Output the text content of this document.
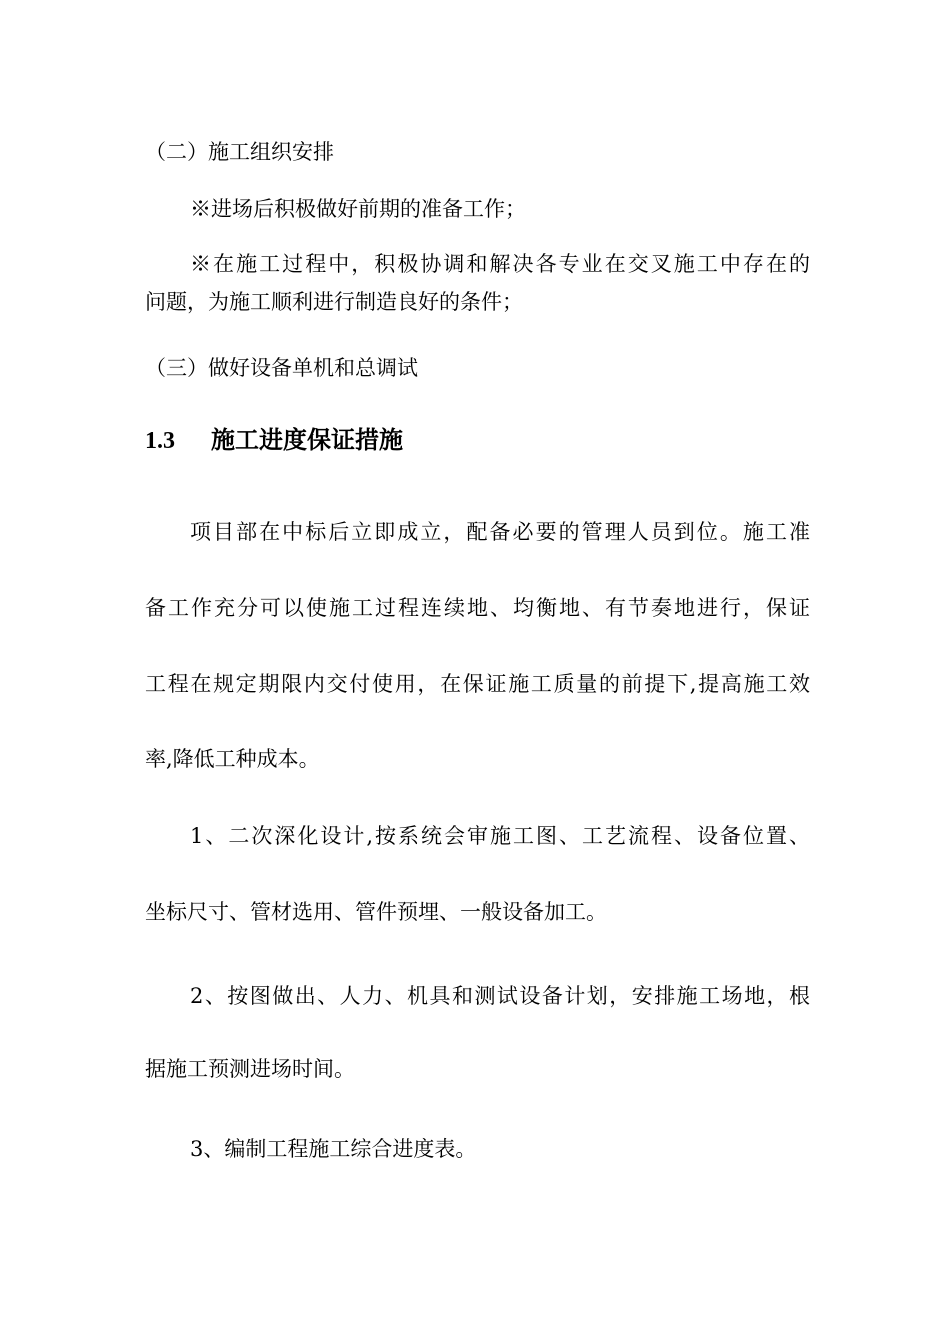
（二）施工组织安排
※进场后积极做好前期的准备工作；
※在施工过程中，积极协调和解决各专业在交叉施工中存在的
问题，为施工顺利进行制造良好的条件；
（三）做好设备单机和总调试
1.3 施工进度保证措施
项目部在中标后立即成立，配备必要的管理人员到位。施工准
备工作充分可以使施工过程连续地、均衡地、有节奏地进行，保证
工程在规定期限内交付使用，在保证施工质量的前提下,提高施工效
率,降低工种成本。
1、二次深化设计,按系统会审施工图、工艺流程、设备位置、
坐标尺寸、管材选用、管件预埋、一般设备加工。
2、按图做出、人力、机具和测试设备计划，安排施工场地，根
据施工预测进场时间。
3、编制工程施工综合进度表。
